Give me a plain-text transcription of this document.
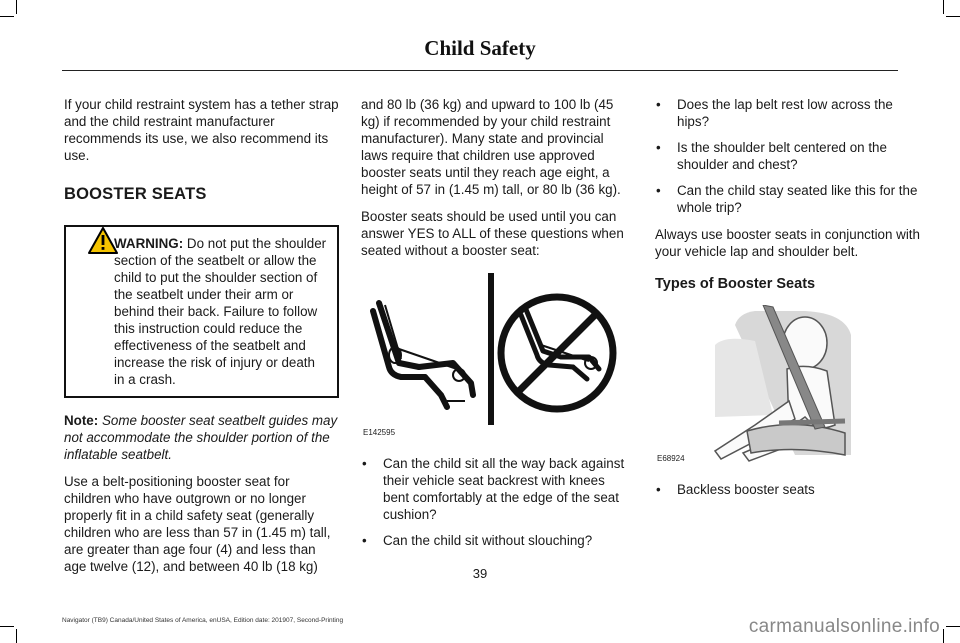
Child Safety

If your child restraint system has a tether strap and the child restraint manufacturer recommends its use, we also recommend its use.

BOOSTER SEATS
WARNING: Do not put the shoulder section of the seatbelt or allow the child to put the shoulder section of the seatbelt under their arm or behind their back. Failure to follow this instruction could reduce the effectiveness of the seatbelt and increase the risk of injury or death in a crash.

Note: Some booster seat seatbelt guides may not accommodate the shoulder portion of the inflatable seatbelt.

Use a belt-positioning booster seat for children who have outgrown or no longer properly fit in a child safety seat (generally children who are less than 57 in (1.45 m) tall, are greater than age four (4) and less than age twelve (12), and between 40 lb (18 kg)

and 80 lb (36 kg) and upward to 100 lb (45 kg) if recommended by your child restraint manufacturer). Many state and provincial laws require that children use approved booster seats until they reach age eight, a height of 57 in (1.45 m) tall, or 80 lb (36 kg).

Booster seats should be used until you can answer YES to ALL of these questions when seated without a booster seat:

E142595
• Can the child sit all the way back against their vehicle seat backrest with knees bent comfortably at the edge of the seat cushion?
• Can the child sit without slouching?
• Does the lap belt rest low across the hips?
• Is the shoulder belt centered on the shoulder and chest?
• Can the child stay seated like this for the whole trip?

Always use booster seats in conjunction with your vehicle lap and shoulder belt.

Types of Booster Seats
E68924
• Backless booster seats
39
Navigator (TB9) Canada/United States of America, enUSA, Edition date: 201907, Second-Printing	carmanualsonline.info
